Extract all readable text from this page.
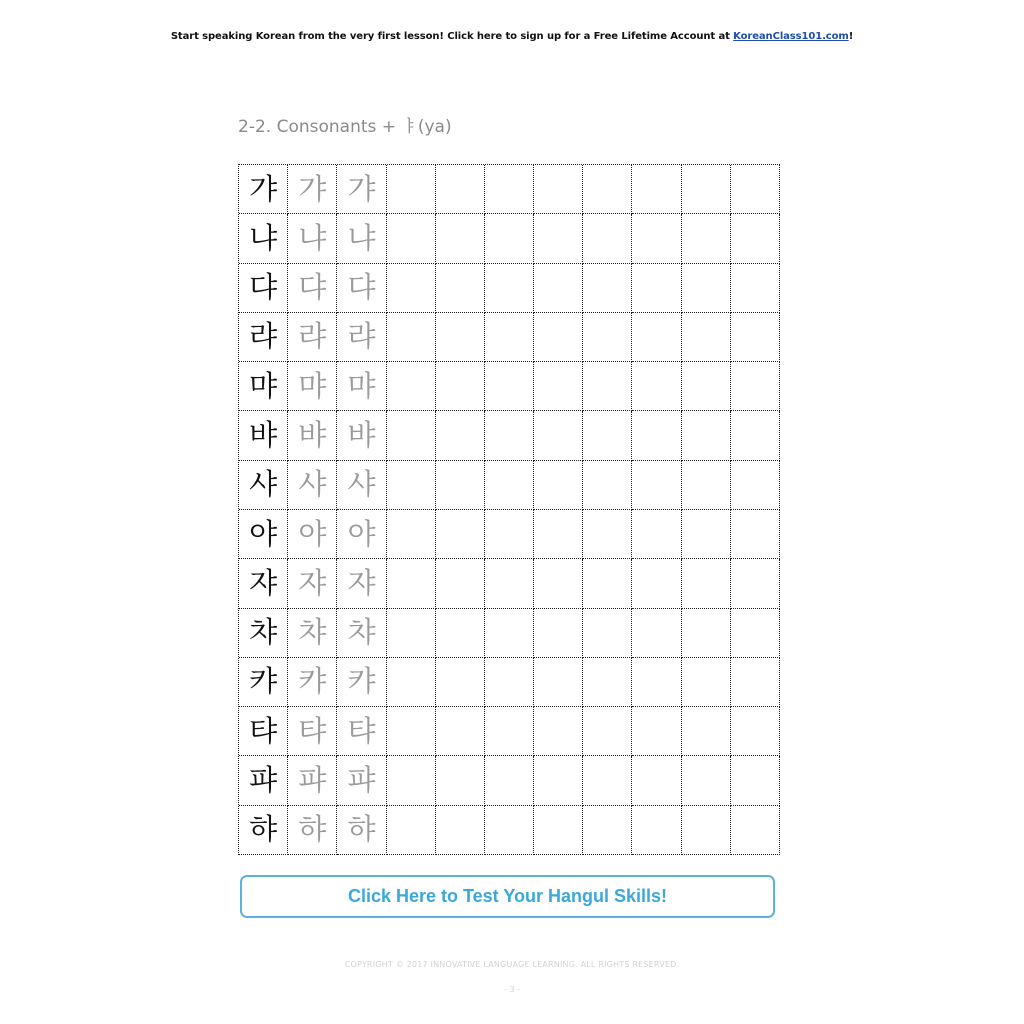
Start speaking Korean from the very first lesson! Click here to sign up for a Free Lifetime Account at KoreanClass101.com!
2-2. Consonants + ㅑ(ya)
갸 갸 갸
냐 냐 냐
댜 댜 댜
랴 랴 랴
먀 먀 먀
뱌 뱌 뱌
샤 샤 샤
야 야 야
쟈 쟈 쟈
챠 챠 챠
캬 캬 캬
탸 탸 탸
퍄 퍄 퍄
햐 햐 햐
Click Here to Test Your Hangul Skills!
COPYRIGHT © 2017 INNOVATIVE LANGUAGE LEARNING. ALL RIGHTS RESERVED.
- 3 -
